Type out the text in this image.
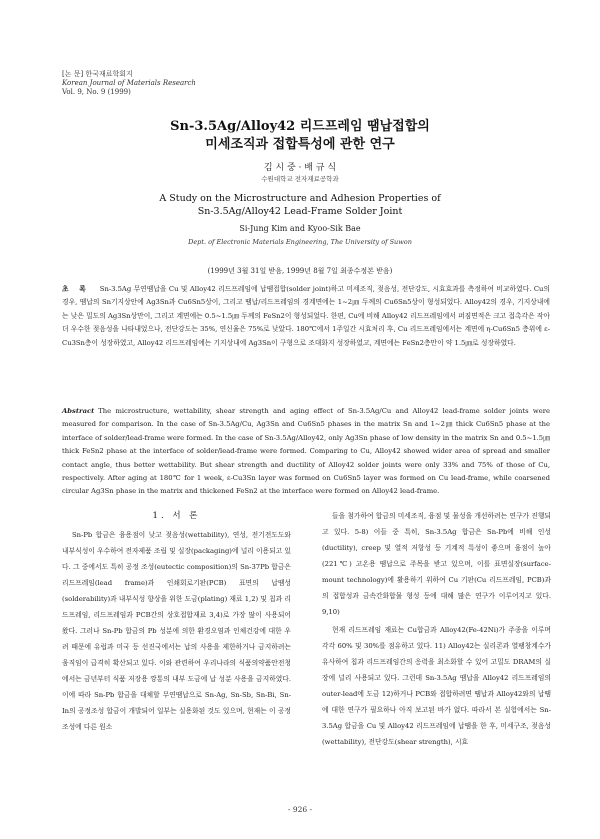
[논 문] 한국재료학회지
Korean Journal of Materials Research
Vol. 9, No. 9 (1999)
Sn-3.5Ag/Alloy42 리드프레임 땜납접합의
미세조직과 접합특성에 관한 연구
김 시 중 · 배 규 식
수원대학교 전자재료공학과
A Study on the Microstructure and Adhesion Properties of
Sn-3.5Ag/Alloy42 Lead-Frame Solder Joint
Si-Jung Kim and Kyoo-Sik Bae
Dept. of Electronic Materials Engineering, The University of Suwon
(1999년 3월 31일 받음, 1999년 8월 7일 최종수정본 받음)
초 록 Sn-3.5Ag 무연땜납을 Cu 및 Alloy42 리드프레임에 납땜접합(solder joint)하고 미세조직, 젖음성, 전단강도, 시효효과를 측정하여 비교하였다. Cu의 경우, 땜납의 Sn기지상안에 Ag3Sn과 Cu6Sn5상이, 그리고 땜납/리드프레임의 경계면에는 1~2㎛ 두께의 Cu6Sn5상이 형성되었다. Alloy42의 경우, 기지상내에는 낮은 밀도의 Ag3Sn상만이, 그리고 계면에는 0.5~1.5㎛ 두께의 FeSn2이 형성되었다. 한편, Cu에 비해 Alloy42 리드프레임에서 퍼짐면적은 크고 접촉각은 작아 더 우수한 젖음성을 나타내었으나, 전단강도는 35%, 연신율은 75%로 낮았다. 180℃에서 1주일간 시효처리 후, Cu 리드프레임에서는 계면에 η-Cu6Sn5 층위에 ε-Cu3Sn층이 성장하였고, Alloy42 리드프레임에는 기지상내에 Ag3Sn이 구형으로 조대화지 성장하였고, 계면에는 FeSn2층만이 약 1.5㎛로 성장하였다.
Abstract The microstructure, wettability, shear strength and aging effect of Sn-3.5Ag/Cu and Alloy42 lead-frame solder joints were measured for comparison. In the case of Sn-3.5Ag/Cu, Ag3Sn and Cu6Sn5 phases in the matrix Sn and 1~2㎛ thick Cu6Sn5 phase at the interface of solder/lead-frame were formed. In the case of Sn-3.5Ag/Alloy42, only Ag3Sn phase of low density in the matrix Sn and 0.5~1.5㎛ thick FeSn2 phase at the interface of solder/lead-frame were formed. Comparing to Cu, Alloy42 showed wider area of spread and smaller contact angle, thus better wettability. But shear strength and ductility of Alloy42 solder joints were only 33% and 75% of those of Cu, respectively. After aging at 180℃ for 1 week, ε-Cu3Sn layer was formed on Cu6Sn5 layer was formed on Cu lead-frame, while coarsened circular Ag3Sn phase in the matrix and thickened FeSn2 at the interface were formed on Alloy42 lead-frame.
1. 서 론

Sn-Pb 합금은 융용점이 낮고 젖음성(wettability), 연성, 전기전도도와 내부식성이 우수하여 전자제품 조립 및 실장(packaging)에 널리 이용되고 있다. 그 중에서도 특히 공정 조성(eutectic composition)의 Sn-37Pb 합금은 리드프레임(lead frame)과 인쇄회로기판(PCB) 표면의 납땜성(solderability)과 내부식성 향상을 위한 도금(plating) 재료 1,2) 및 칩과 리드프레임, 리드프레임과 PCB간의 상호접합재료 3,4)로 가장 많이 사용되어 왔다. 그러나 Sn-Pb 합금의 Pb 성분에 의한 환경오염과 인체건강에 대한 우려 때문에 유럽과 미국 등 선진국에서는 납의 사용을 제한하거나 금지하려는 움직임이 급격히 확산되고 있다. 이와 관련하여 우리나라의 식품의약품안전청에서는 금년부터 식품 저장용 깡통의 내부 도금에 납 성분 사용을 금지하였다. 이에 따라 Sn-Pb 합금을 대체할 무연땜납으로 Sn-Ag, Sn-Sb, Sn-Bi, Sn-In의 공정조성 합금이 개발되어 일부는 실용화된 것도 있으며, 현재는 이 공정조성에 다른 원소

들을 첨가하여 합금의 미세조직, 융점 및 물성을 개선하려는 연구가 진행되고 있다. 5-8) 이들 중 특히, Sn-3.5Ag 합금은 Sn-Pb에 비해 인성(ductility), creep 및 열적 저항성 등 기계적 특성이 좋으며 융점이 높아(221℃) 고온용 땜납으로 주목을 받고 있으며, 이를 표면실장(surface-mount technology)에 활용하기 위하여 Cu 기판(Cu 리드프레임, PCB)과의 접합성과 금속간화합물 형성 등에 대해 많은 연구가 이루어지고 있다. 9,10)

현재 리드프레임 재료는 Cu합금과 Alloy42(Fe-42Ni)가 주종을 이루며 각각 60% 및 30%를 점유하고 있다. 11) Alloy42는 실리콘과 열팽창계수가 유사하여 칩과 리드프레임간의 응력을 최소화할 수 있어 고밀도 DRAM의 실장에 널리 사용되고 있다. 그런데 Sn-3.5Ag 땜납을 Alloy42 리드프레임의 outer-lead에 도금 12)하거나 PCB와 접합하려면 땜납과 Alloy42와의 납땜에 대한 연구가 필요하나 아직 보고된 바가 없다. 따라서 본 실험에서는 Sn-3.5Ag 합금을 Cu 및 Alloy42 리드프레임에 납땜을 한 후, 미세구조, 젖음성(wettability), 전단강도(shear strength), 시효

- 926 -
